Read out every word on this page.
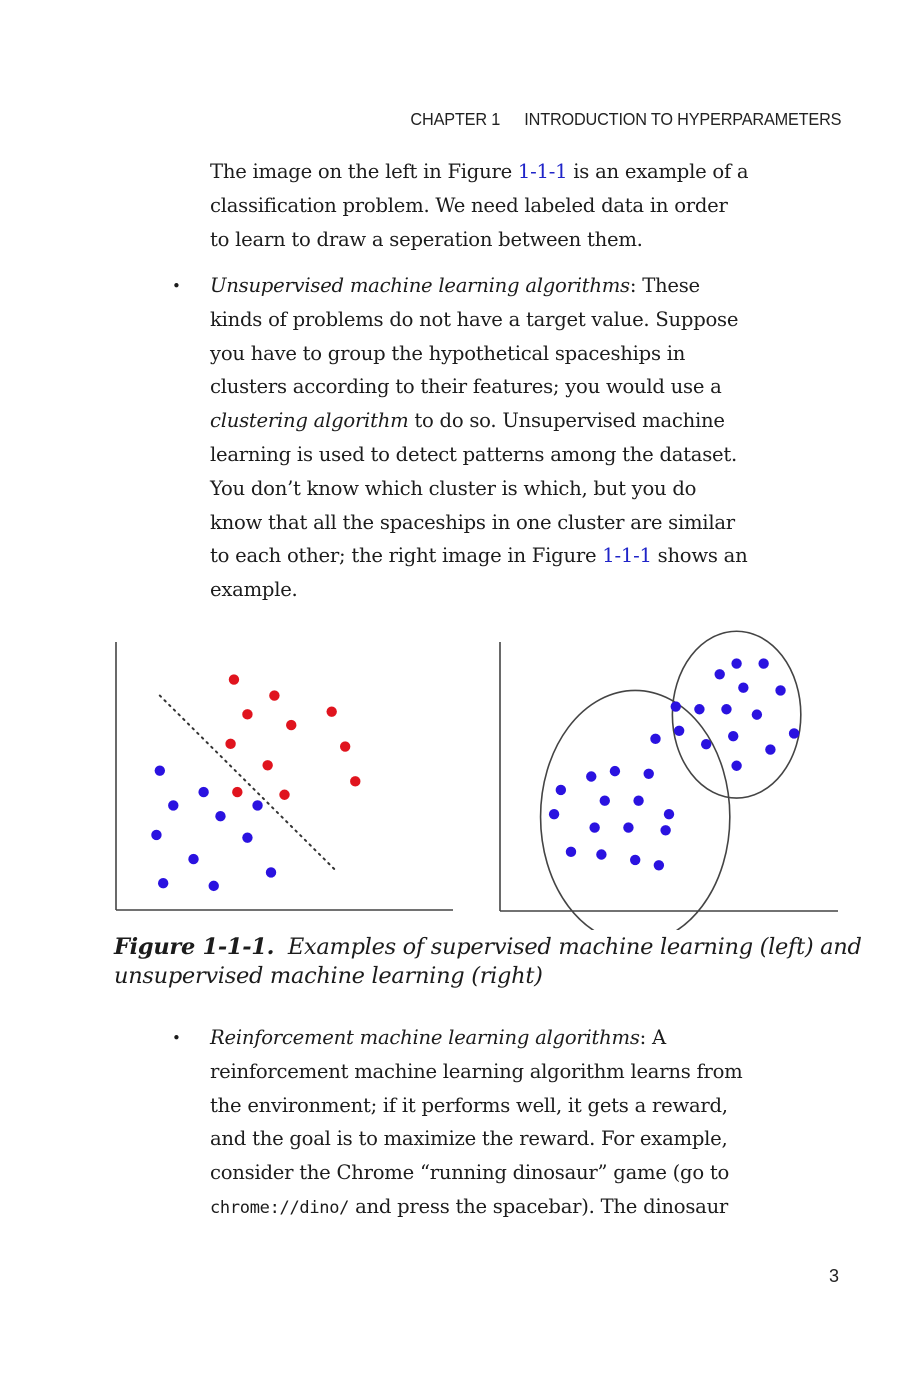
CHAPTER 1 INTRODUCTION TO HYPERPARAMETERS
The image on the left in Figure 1-1-1 is an example of a
classification problem. We need labeled data in order
to learn to draw a seperation between them.
• Unsupervised machine learning algorithms: These
kinds of problems do not have a target value. Suppose
you have to group the hypothetical spaceships in
clusters according to their features; you would use a
clustering algorithm to do so. Unsupervised machine
learning is used to detect patterns among the dataset.
You don’t know which cluster is which, but you do
know that all the spaceships in one cluster are similar
to each other; the right image in Figure 1-1-1 shows an
example.
Figure 1-1-1.  Examples of supervised machine learning (left) and
unsupervised machine learning (right)
• Reinforcement machine learning algorithms: A
reinforcement machine learning algorithm learns from
the environment; if it performs well, it gets a reward,
and the goal is to maximize the reward. For example,
consider the Chrome “running dinosaur” game (go to
chrome://dino/ and press the spacebar). The dinosaur
3
